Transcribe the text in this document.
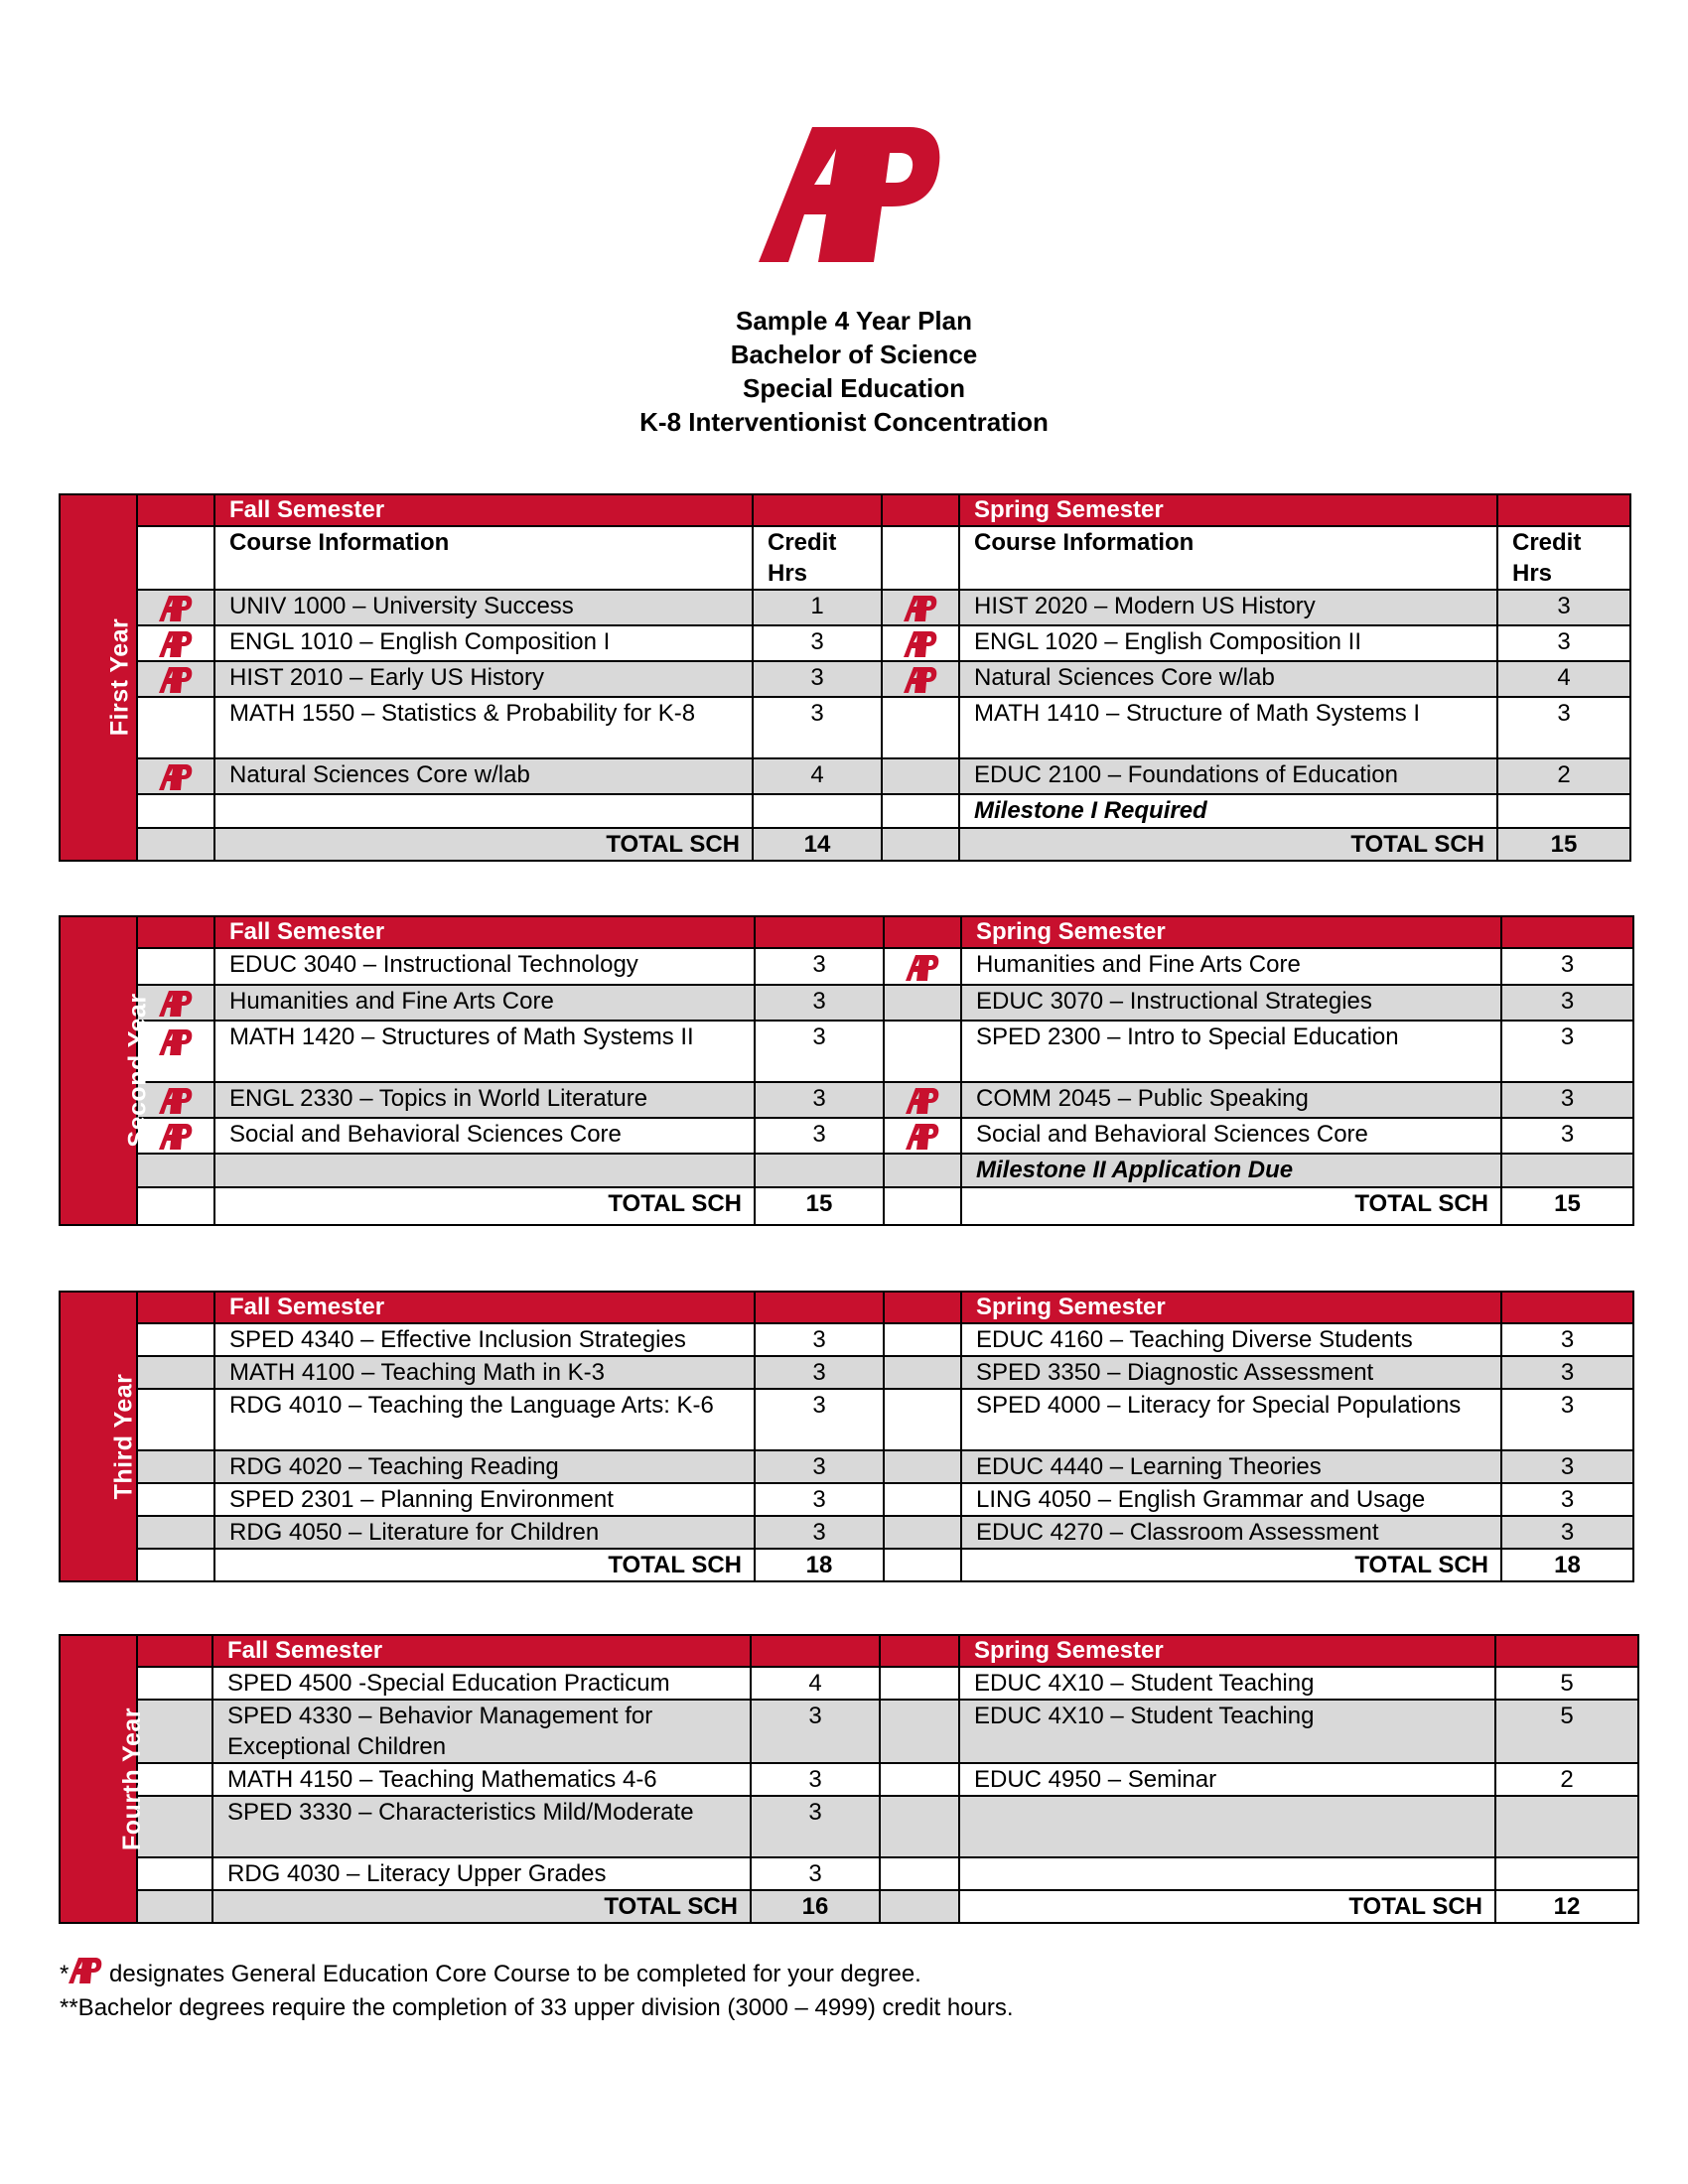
Sample 4 Year Plan
Bachelor of Science
Special Education
K-8 Interventionist Concentration
First Year		Fall Semester			Spring Semester	
		Course Information	Credit Hrs		Course Information	Credit Hrs
	UNIV 1000 – University Success	1		HIST 2020 – Modern US History	3
	ENGL 1010 – English Composition I	3		ENGL 1020 – English Composition II	3
	HIST 2010 – Early US History	3		Natural Sciences Core w/lab	4
		MATH 1550 – Statistics & Probability for K-8	3		MATH 1410 – Structure of Math Systems I	3
	Natural Sciences Core w/lab	4		EDUC 2100 – Foundations of Education	2
					Milestone I Required	
		TOTAL SCH	14		TOTAL SCH	15
Second Year		Fall Semester			Spring Semester	
		EDUC 3040 – Instructional Technology	3		Humanities and Fine Arts Core	3
	Humanities and Fine Arts Core	3		EDUC 3070 – Instructional Strategies	3
	MATH 1420 – Structures of Math Systems II	3		SPED 2300 – Intro to Special Education	3
	ENGL 2330 – Topics in World Literature	3		COMM 2045 – Public Speaking	3
	Social and Behavioral Sciences Core	3		Social and Behavioral Sciences Core	3
					Milestone II Application Due	
		TOTAL SCH	15		TOTAL SCH	15
Third Year		Fall Semester			Spring Semester	
		SPED 4340 – Effective Inclusion Strategies	3		EDUC 4160 – Teaching Diverse Students	3
		MATH 4100 – Teaching Math in K-3	3		SPED 3350 – Diagnostic Assessment	3
		RDG 4010 – Teaching the Language Arts: K-6	3		SPED 4000 – Literacy for Special Populations	3
		RDG 4020 – Teaching Reading	3		EDUC 4440 – Learning Theories	3
		SPED 2301 – Planning Environment	3		LING 4050 – English Grammar and Usage	3
		RDG 4050 – Literature for Children	3		EDUC 4270 – Classroom Assessment	3
		TOTAL SCH	18		TOTAL SCH	18
Fourth Year		Fall Semester			Spring Semester	
		SPED 4500 -Special Education Practicum	4		EDUC 4X10 – Student Teaching	5
		SPED 4330 – Behavior Management for Exceptional Children	3		EDUC 4X10 – Student Teaching	5
		MATH 4150 – Teaching Mathematics 4-6	3		EDUC 4950 – Seminar	2
		SPED 3330 – Characteristics Mild/Moderate	3			
		RDG 4030 – Literacy Upper Grades	3			
		TOTAL SCH	16		TOTAL SCH	12
* designates General Education Core Course to be completed for your degree.
**Bachelor degrees require the completion of 33 upper division (3000 – 4999) credit hours.
